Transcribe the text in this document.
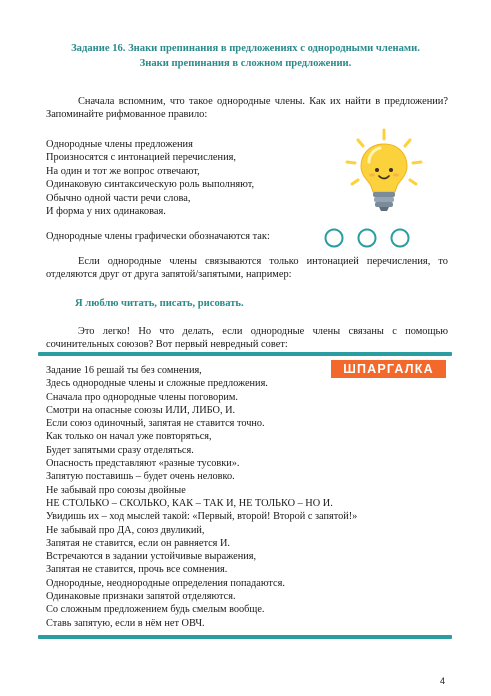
Задание 16. Знаки препинания в предложениях с однородными членами.
Знаки препинания в сложном предложении.
Сначала вспомним, что такое однородные члены. Как их найти в предложении? Запоминайте рифмованное правило:
Однородные члены предложения
Произносятся с интонацией перечисления,
На один и тот же вопрос отвечают,
Одинаковую синтаксическую роль выполняют,
Обычно одной части речи слова,
И форма у них одинаковая.
Однородные члены графически обозначаются так:
Если однородные члены связываются только интонацией перечисления, то отделяются друг от друга запятой/запятыми, например:
Я люблю читать, писать, рисовать.
Это легко! Но что делать, если однородные члены связаны с помощью сочинительных союзов? Вот первый невредный совет:
ШПАРГАЛКА
Задание 16 решай ты без сомнения,
Здесь однородные члены и сложные предложения.
Сначала про однородные члены поговорим.
Смотри на опасные союзы ИЛИ, ЛИБО, И.
Если союз одиночный, запятая не ставится точно.
Как только он начал уже повторяться,
Будет запятыми сразу отделяться.
Опасность представляют «разные тусовки».
Запятую поставишь – будет очень неловко.
Не забывай про союзы двойные
НЕ СТОЛЬКО – СКОЛЬКО, КАК – ТАК И, НЕ ТОЛЬКО – НО И.
Увидишь их – ход мыслей такой: «Первый, второй! Второй с запятой!»
Не забывай про ДА, союз двуликий,
Запятая не ставится, если он равняется И.
Встречаются в задании устойчивые выражения,
Запятая не ставится, прочь все сомнения.
Однородные, неоднородные определения попадаются.
Одинаковые признаки запятой отделяются.
Со сложным предложением будь смелым вообще.
Ставь запятую, если в нём нет ОВЧ.
4
